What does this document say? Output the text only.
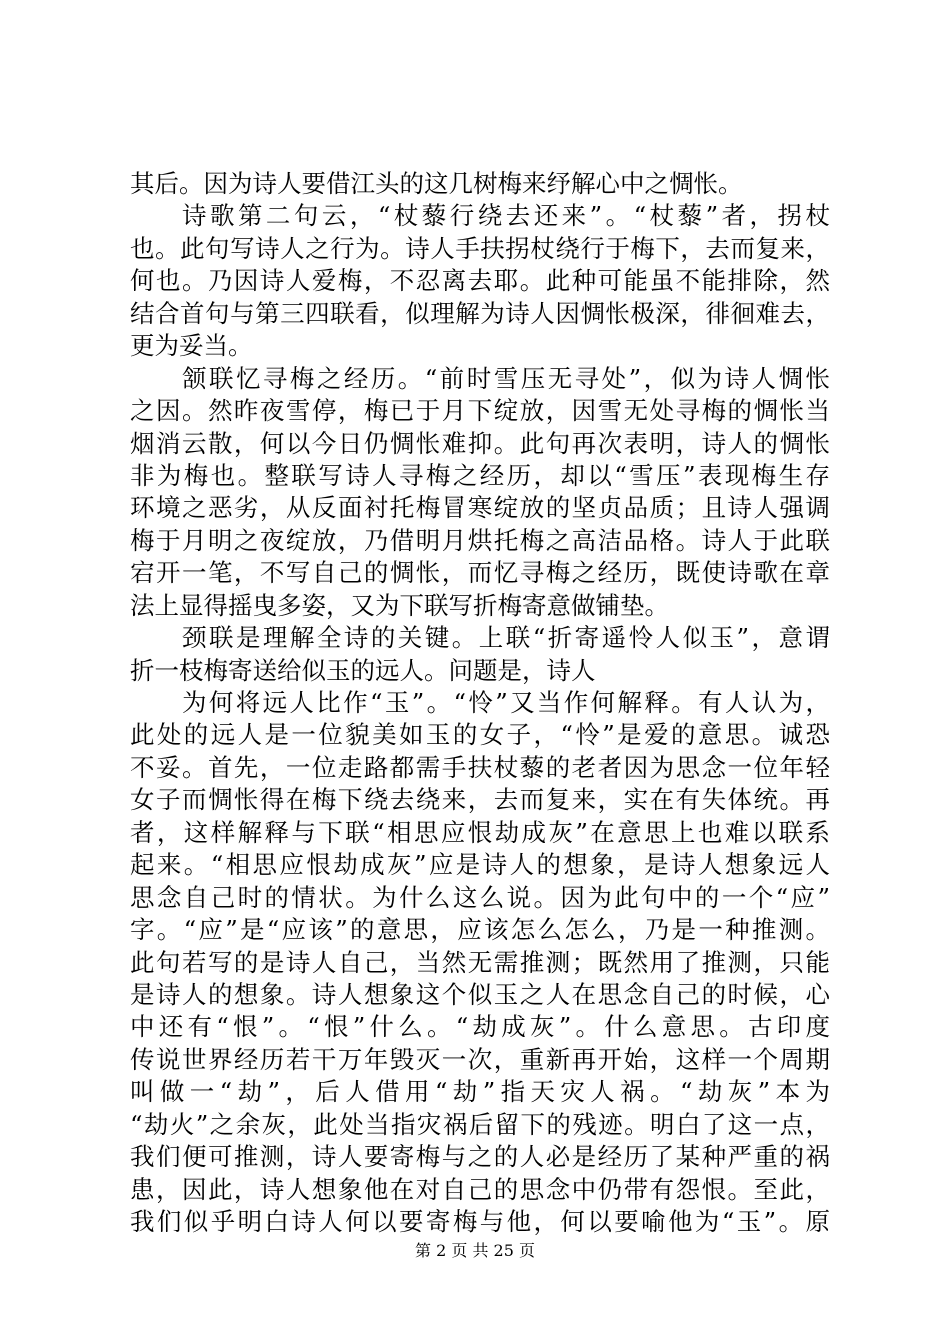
其后。因为诗人要借江头的这几树梅来纾解心中之惆怅。
诗歌第二句云，“杖藜行绕去还来”。“杖藜”者，拐杖
也。此句写诗人之行为。诗人手扶拐杖绕行于梅下，去而复来，
何也。乃因诗人爱梅，不忍离去耶。此种可能虽不能排除，然
结合首句与第三四联看，似理解为诗人因惆怅极深，徘徊难去，
更为妥当。
颔联忆寻梅之经历。“前时雪压无寻处”，似为诗人惆怅
之因。然昨夜雪停，梅已于月下绽放，因雪无处寻梅的惆怅当
烟消云散，何以今日仍惆怅难抑。此句再次表明，诗人的惆怅
非为梅也。整联写诗人寻梅之经历，却以“雪压”表现梅生存
环境之恶劣，从反面衬托梅冒寒绽放的坚贞品质；且诗人强调
梅于月明之夜绽放，乃借明月烘托梅之高洁品格。诗人于此联
宕开一笔，不写自己的惆怅，而忆寻梅之经历，既使诗歌在章
法上显得摇曳多姿，又为下联写折梅寄意做铺垫。
颈联是理解全诗的关键。上联“折寄遥怜人似玉”，意谓
折一枝梅寄送给似玉的远人。问题是，诗人
为何将远人比作“玉”。“怜”又当作何解释。有人认为，
此处的远人是一位貌美如玉的女子，“怜”是爱的意思。诚恐
不妥。首先，一位走路都需手扶杖藜的老者因为思念一位年轻
女子而惆怅得在梅下绕去绕来，去而复来，实在有失体统。再
者，这样解释与下联“相思应恨劫成灰”在意思上也难以联系
起来。“相思应恨劫成灰”应是诗人的想象，是诗人想象远人
思念自己时的情状。为什么这么说。因为此句中的一个“应”
字。“应”是“应该”的意思，应该怎么怎么，乃是一种推测。
此句若写的是诗人自己，当然无需推测；既然用了推测，只能
是诗人的想象。诗人想象这个似玉之人在思念自己的时候，心
中还有“恨”。“恨”什么。“劫成灰”。什么意思。古印度
传说世界经历若干万年毁灭一次，重新再开始，这样一个周期
叫做一“劫”，后人借用“劫”指天灾人祸。“劫灰”本为
“劫火”之余灰，此处当指灾祸后留下的残迹。明白了这一点，
我们便可推测，诗人要寄梅与之的人必是经历了某种严重的祸
患，因此，诗人想象他在对自己的思念中仍带有怨恨。至此，
我们似乎明白诗人何以要寄梅与他，何以要喻他为“玉”。原
第 2 页 共 25 页
